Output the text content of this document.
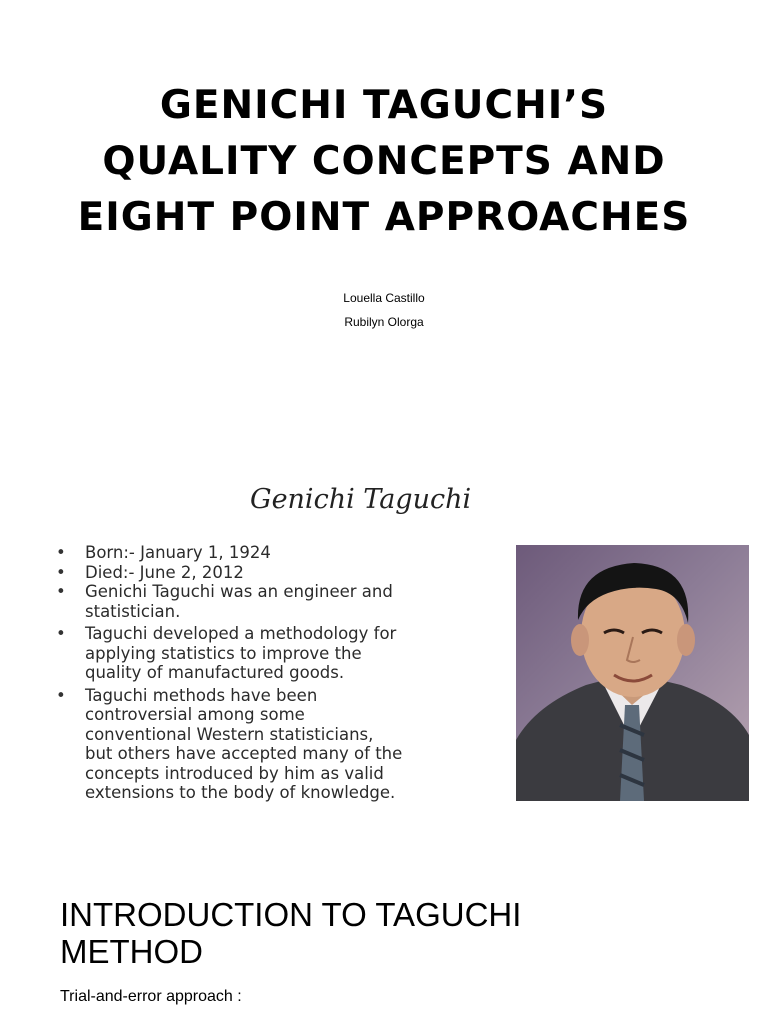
GENICHI TAGUCHI’S
QUALITY CONCEPTS AND
EIGHT POINT APPROACHES
Louella Castillo
Rubilyn Olorga
Genichi Taguchi
• Born:- January 1, 1924
• Died:- June 2, 2012
• Genichi Taguchi was an engineer and
statistician.
• Taguchi developed a methodology for
applying statistics to improve the
quality of manufactured goods.
• Taguchi methods have been
controversial among some
conventional Western statisticians,
but others have accepted many of the
concepts introduced by him as valid
extensions to the body of knowledge.
INTRODUCTION TO TAGUCHI
METHOD
Trial-and-error approach :
